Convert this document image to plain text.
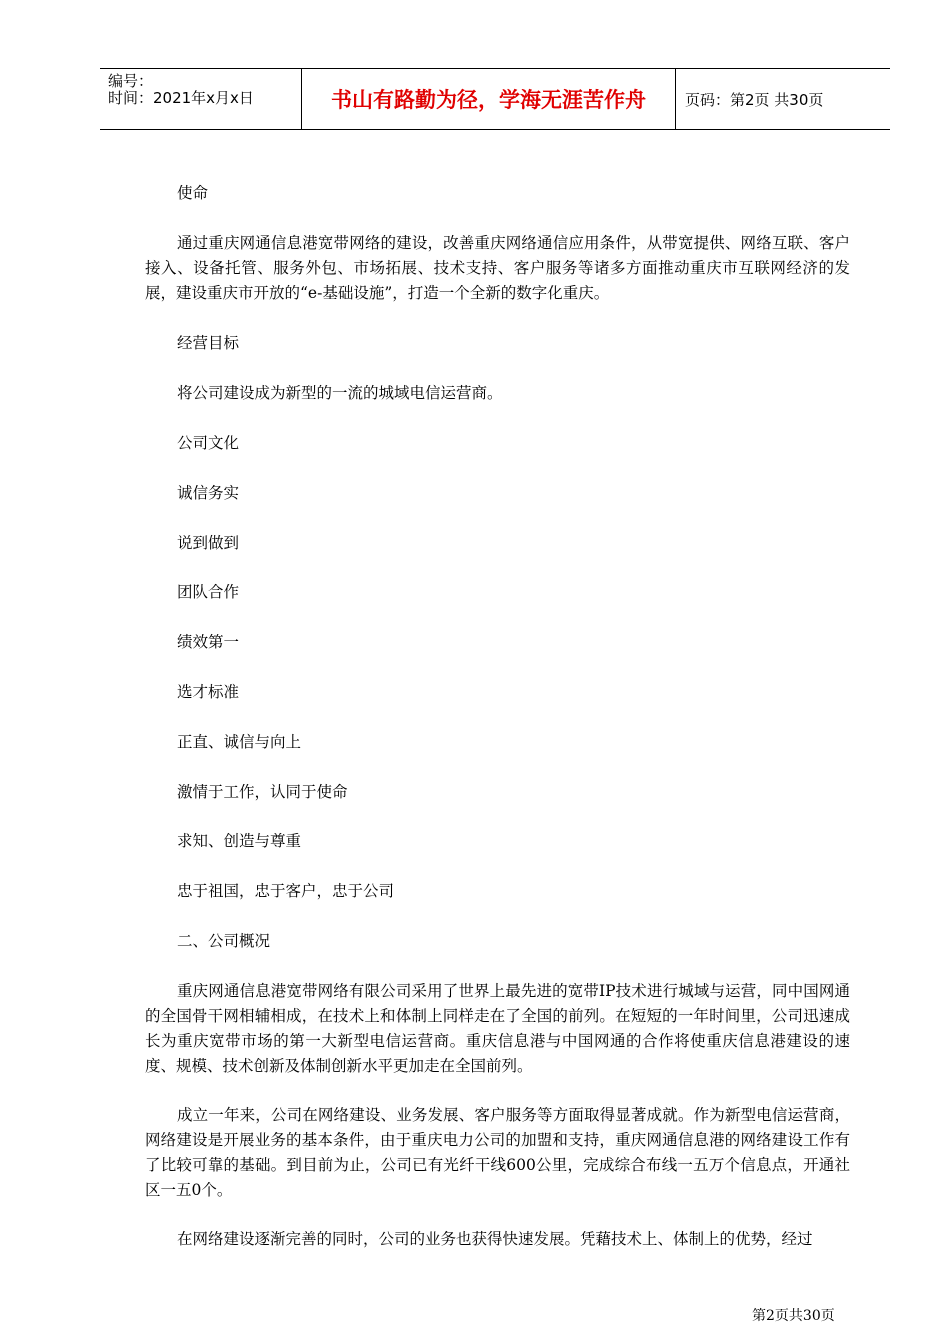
编号：
时间：2021年x月x日	书山有路勤为径，学海无涯苦作舟	页码：第2页 共30页
使命
通过重庆网通信息港宽带网络的建设，改善重庆网络通信应用条件，从带宽提供、网络互联、客户接入、设备托管、服务外包、市场拓展、技术支持、客户服务等诸多方面推动重庆市互联网经济的发展，建设重庆市开放的“e-基础设施”，打造一个全新的数字化重庆。
经营目标
将公司建设成为新型的一流的城域电信运营商。
公司文化
诚信务实
说到做到
团队合作
绩效第一
选才标准
正直、诚信与向上
激情于工作，认同于使命
求知、创造与尊重
忠于祖国，忠于客户，忠于公司
二、公司概况
重庆网通信息港宽带网络有限公司采用了世界上最先进的宽带IP技术进行城域与运营，同中国网通的全国骨干网相辅相成，在技术上和体制上同样走在了全国的前列。在短短的一年时间里，公司迅速成长为重庆宽带市场的第一大新型电信运营商。重庆信息港与中国网通的合作将使重庆信息港建设的速度、规模、技术创新及体制创新水平更加走在全国前列。
成立一年来，公司在网络建设、业务发展、客户服务等方面取得显著成就。作为新型电信运营商，网络建设是开展业务的基本条件，由于重庆电力公司的加盟和支持，重庆网通信息港的网络建设工作有了比较可靠的基础。到目前为止，公司已有光纤干线600公里，完成综合布线一五万个信息点，开通社区一五0个。
在网络建设逐渐完善的同时，公司的业务也获得快速发展。凭藉技术上、体制上的优势，经过
第2页共30页
